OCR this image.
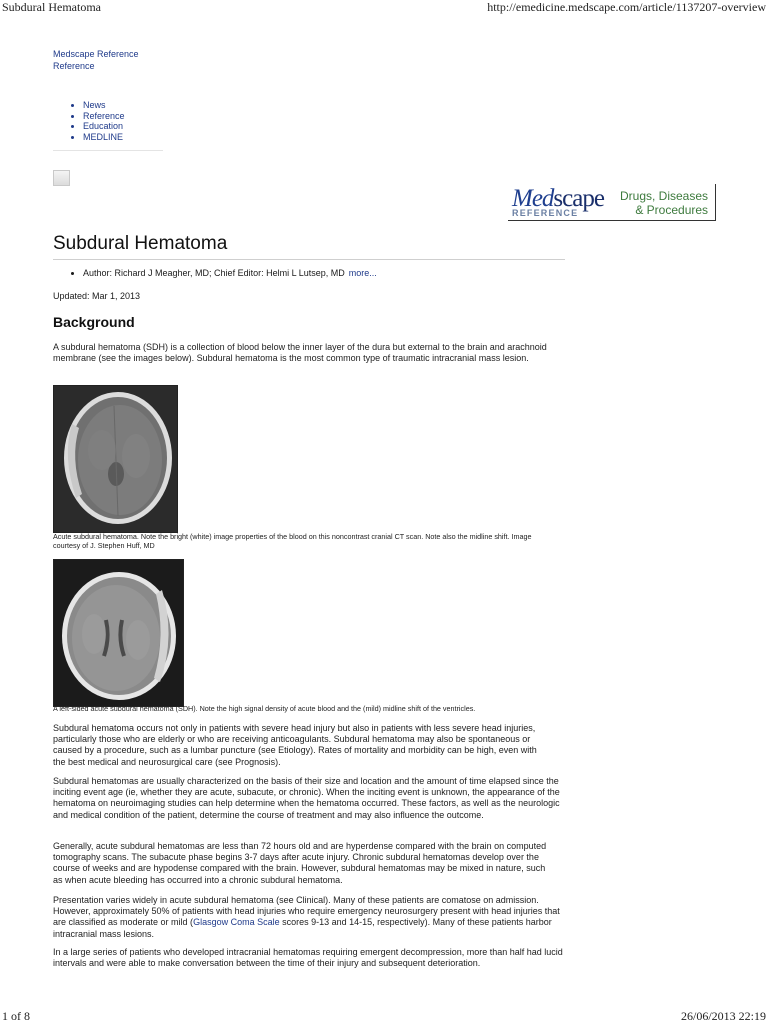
Subdural Hematoma	http://emedicine.medscape.com/article/1137207-overview
Medscape Reference
Reference
• News
• Reference
• Education
• MEDLINE
Medscape
REFERENCE
Drugs, Diseases
& Procedures
Subdural Hematoma
• Author: Richard J Meagher, MD; Chief Editor: Helmi L Lutsep, MD more...
Updated: Mar 1, 2013
Background

A subdural hematoma (SDH) is a collection of blood below the inner layer of the dura but external to the brain and arachnoid membrane (see the images below). Subdural hematoma is the most common type of traumatic intracranial mass lesion.

Acute subdural hematoma. Note the bright (white) image properties of the blood on this noncontrast cranial CT scan. Note also the midline shift. Image courtesy of J. Stephen Huff, MD
A left-sided acute subdural hematoma (SDH). Note the high signal density of acute blood and the (mild) midline shift of the ventricles.

Subdural hematoma occurs not only in patients with severe head injury but also in patients with less severe head injuries, particularly those who are elderly or who are receiving anticoagulants. Subdural hematoma may also be spontaneous or caused by a procedure, such as a lumbar puncture (see Etiology). Rates of mortality and morbidity can be high, even with the best medical and neurosurgical care (see Prognosis).

Subdural hematomas are usually characterized on the basis of their size and location and the amount of time elapsed since the inciting event age (ie, whether they are acute, subacute, or chronic). When the inciting event is unknown, the appearance of the hematoma on neuroimaging studies can help determine when the hematoma occurred. These factors, as well as the neurologic and medical condition of the patient, determine the course of treatment and may also influence the outcome.

Generally, acute subdural hematomas are less than 72 hours old and are hyperdense compared with the brain on computed tomography scans. The subacute phase begins 3-7 days after acute injury. Chronic subdural hematomas develop over the course of weeks and are hypodense compared with the brain. However, subdural hematomas may be mixed in nature, such as when acute bleeding has occurred into a chronic subdural hematoma.

Presentation varies widely in acute subdural hematoma (see Clinical). Many of these patients are comatose on admission. However, approximately 50% of patients with head injuries who require emergency neurosurgery present with head injuries that are classified as moderate or mild (Glasgow Coma Scale scores 9-13 and 14-15, respectively). Many of these patients harbor intracranial mass lesions.

In a large series of patients who developed intracranial hematomas requiring emergent decompression, more than half had lucid intervals and were able to make conversation between the time of their injury and subsequent deterioration.

1 of 8	26/06/2013 22:19
